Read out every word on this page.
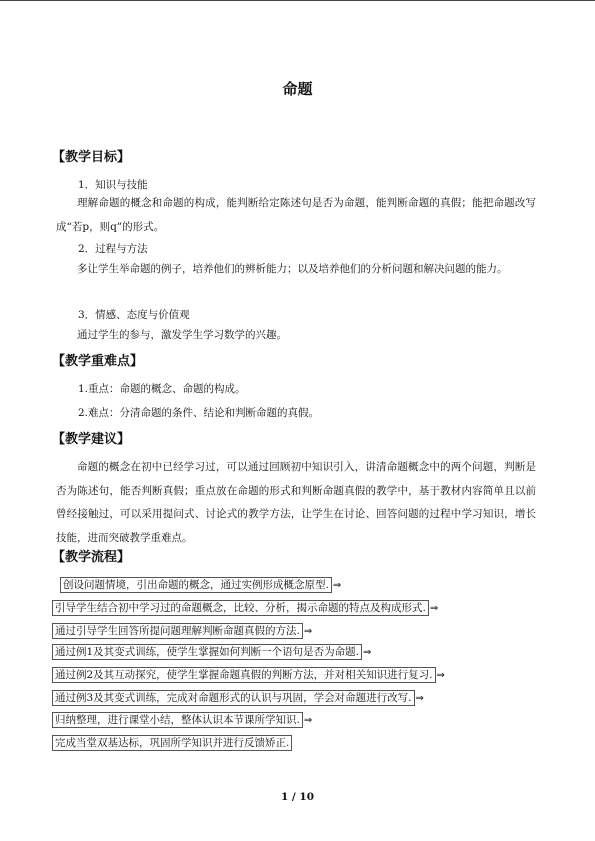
命题
【教学目标】
1．知识与技能
理解命题的概念和命题的构成，能判断给定陈述句是否为命题，能判断命题的真假；能把命题改写成“若p，则q”的形式。
2．过程与方法
多让学生举命题的例子，培养他们的辨析能力；以及培养他们的分析问题和解决问题的能力。
3．情感、态度与价值观
通过学生的参与，激发学生学习数学的兴趣。
【教学重难点】
1.重点：命题的概念、命题的构成。
2.难点：分清命题的条件、结论和判断命题的真假。
【教学建议】
命题的概念在初中已经学习过，可以通过回顾初中知识引入，讲清命题概念中的两个问题，判断是否为陈述句，能否判断真假；重点放在命题的形式和判断命题真假的教学中，基于教材内容简单且以前曾经接触过，可以采用提问式、讨论式的教学方法，让学生在讨论、回答问题的过程中学习知识，增长技能，进而突破教学重难点。
【教学流程】
创设问题情境，引出命题的概念，通过实例形成概念原型. ⇒
引导学生结合初中学习过的命题概念，比较、分析，揭示命题的特点及构成形式. ⇒
通过引导学生回答所提问题理解判断命题真假的方法. ⇒
通过例1及其变式训练，使学生掌握如何判断一个语句是否为命题. ⇒
通过例2及其互动探究，使学生掌握命题真假的判断方法，并对相关知识进行复习. ⇒
通过例3及其变式训练，完成对命题形式的认识与巩固，学会对命题进行改写. ⇒
归纳整理，进行课堂小结，整体认识本节课所学知识. ⇒
完成当堂双基达标，巩固所学知识并进行反馈矫正.
1 / 10
